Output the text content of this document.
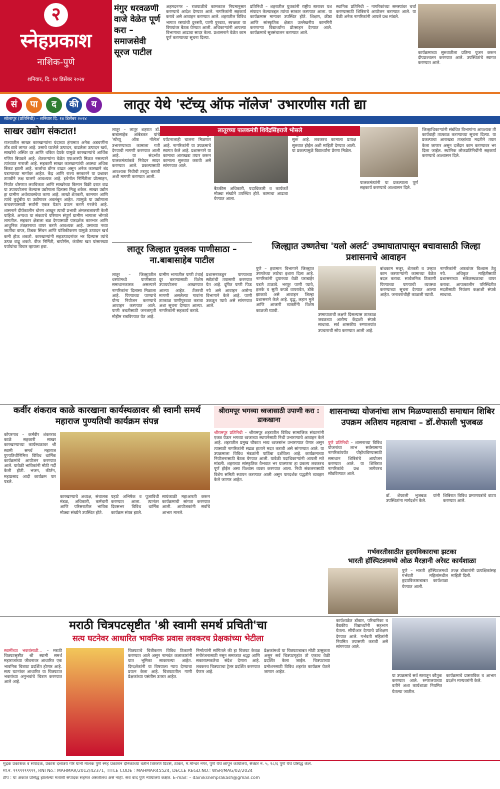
२
स्नेहप्रकाश
नाशिक-पुणे
शनिवार, दि. १४ डिसेंबर २०२४
मंगुर धरवळणी वाजे वेळेत पूर्ण करा – समाजसेवी सूरज पाटील
अहमदनगर – रात्रपाळीचे कामकाज नियमानुसार करण्याचे आदेश देण्यात आले. नागरिकांनी सहकार्य करावे असे आवाहन करण्यात आले. शहरातील विविध भागात रस्त्यांची दुरुस्ती, पाणी पुरवठा, स्वच्छता या विषयांवर बैठक घेण्यात आली. अधिकाऱ्यांनी आपल्या विभागाचा आढावा सादर केला. प्रशासनाने वेळेत काम पूर्ण करण्याच्या सूचना दिल्या.
प्रतिनिधी – शहरातील युवकांनी राष्ट्रीय स्तरावर यश संपादन केल्याबद्दल त्यांचा सत्कार करण्यात आला. या कार्यक्रमास मान्यवर उपस्थित होते. शिक्षण, क्रीडा आणि सांस्कृतिक क्षेत्रात उल्लेखनीय कामगिरी करणाऱ्या विद्यार्थ्यांना प्रोत्साहन देण्यात आले. कार्यक्रमाचे सूत्रसंचालन करण्यात आले.
स्थानिक प्रतिनिधी – नागरिकांच्या समस्यांवर चर्चा करण्यासाठी शिबिराचे आयोजन करण्यात आले. या वेळी अनेक नागरिकांनी आपले प्रश्न मांडले.
कार्यक्रमाच्या सुरुवातीला प्रतिमा पूजन करून दीपप्रज्वलन करण्यात आले. उपस्थितांचे स्वागत करण्यात आले.
सं	पा	द	की	य	लातूर येथे 'स्टॅच्यू ऑफ नॉलेज' उभारणीस गती द्या
सोलापूर (प्रतिनिधी) – शनिवार दि. १४ डिसेंबर २०२४
साखर उद्योग संकटात!
राज्यातील साखर कारखान्यांना यंदाच्या हंगामात अनेक अडचणींना तोंड द्यावे लागत आहे. उसाचे घटलेले उत्पादन, वाढलेला उत्पादन खर्च, साखरेचे अस्थिर दर आणि थकित देयके यामुळे कारखान्यांचे आर्थिक गणित बिघडले आहे. शेतकऱ्यांना वेळेत एफआरपी मिळत नसल्याने त्यांच्यात नाराजी आहे. सहकारी साखर कारखान्यांची अवस्था अधिक बिकट झाली आहे. कर्जाचा डोंगर वाढत असून अनेक कारखाने बंद पडण्याच्या मार्गावर आहेत. केंद्र आणि राज्य सरकारने या प्रश्नावर तातडीने लक्ष घालणे आवश्यक आहे. इथेनॉल निर्मितीला प्रोत्साहन, निर्यात धोरणात लवचिकता आणि साखरेच्या किमान विक्री दरात वाढ या उपाययोजना केल्यास उद्योगाला दिलासा मिळू शकेल. साखर उद्योग हा ग्रामीण अर्थव्यवस्थेचा कणा आहे. लाखो शेतकरी, कामगार आणि त्यांचे कुटुंबीय या उद्योगावर अवलंबून आहेत. त्यामुळे या उद्योगाला वाचवण्यासाठी सर्वांनी एकत्र येऊन प्रयत्न करणे गरजेचे आहे. शासनाने दीर्घकालीन धोरण आखून त्याची प्रभावी अंमलबजावणी केली पाहिजे. अन्यथा या संकटाचे परिणाम संपूर्ण ग्रामीण भागाला भोगावे लागतील. सहकार क्षेत्राला बळ देण्यासाठी पारदर्शक कारभार आणि आधुनिक तंत्रज्ञानाचा वापर करणे आवश्यक आहे. उसाच्या नव्या जातींचा वापर, ठिबक सिंचन आणि यांत्रिकीकरण यामुळे उत्पादन खर्च कमी होऊ शकतो. कारखान्यांनी सहउत्पादनांवर भर दिल्यास त्यांचे उत्पन्न वाढू शकते. वीज निर्मिती, बायोगॅस, कंपोस्ट खत यांसारख्या पर्यायांचा विचार व्हायला हवा.
लातूर – लातूर शहरात डॉ. बाबासाहेब आंबेडकर यांचे 'स्टॅच्यू ऑफ नॉलेज' उभारण्याच्या कामाला गती देण्याची मागणी करण्यात आली आहे. या संदर्भात पालकमंत्र्यांकडे निवेदन सादर करण्यात आले. प्रकल्पासाठी आवश्यक निधीची तरतूद करावी अशी मागणी करण्यात आली.
पर्यटनालाही चालना मिळणार आहे. नागरिकांनी या उपक्रमाचे स्वागत केले आहे. प्रशासनाने या कामाचा आराखडा तयार करून कामाला सुरुवात करावी असे सांगण्यात आले.
बैठकीस अधिकारी, पदाधिकारी व कार्यकर्ते मोठ्या संख्येने उपस्थित होते. कामाचा आढावा घेण्यात आला.
सुरू आहे. लवकरच कामाला प्रत्यक्ष सुरुवात होईल अशी माहिती देण्यात आली. या प्रकल्पामुळे विद्यार्थ्यांना प्रेरणा मिळेल.
पालकमंत्र्यांनी या प्रकल्पाला पूर्ण सहकार्य करण्याचे आश्वासन दिले.
जिल्हाधिकाऱ्यांनी संबंधित विभागांना आवश्यक ती कार्यवाही तात्काळ करण्याच्या सूचना दिल्या. या प्रकल्पाचा आराखडा तज्ज्ञांच्या मदतीने तयार केला जाणार असून दर्जेदार काम करण्यावर भर दिला जाईल. स्थानिक लोकप्रतिनिधींनी सहकार्य करण्याचे आश्वासन दिले.
लातूरच्या पालकमंत्री शिवेंद्रसिंहराजे भोसले
लातूर जिल्हात युवलक पाणीसाठा – ना.बाबासाहेब पाटील
लातूर – जिल्ह्यातील धरणांमध्ये पाणीसाठा समाधानकारक असल्याने नागरिकांना दिलासा मिळाला आहे. पिण्याच्या पाण्याचे योग्य नियोजन करण्याचे आवाहन करण्यात आले. पाणी बचतीसाठी जनजागृती मोहीम राबविण्यात येत आहे.
ग्रामीण भागातील पाणी टंचाई दूर करण्यासाठी विशेष उपाययोजना आखण्यात आल्या आहेत. टँकरची मागणी असलेल्या गावांना तात्काळ पाणीपुरवठा करावा अशा सूचना देण्यात आल्या. नागरिकांनी सहकार्य करावे.
प्रशासनाकडून पाण्याच्या स्त्रोतांची तपासणी करण्यात येत आहे. दूषित पाणी पिऊ नये असे आवाहन आरोग्य विभागाने केले आहे. पाणी उकळून प्यावे असे सांगण्यात आले.
जिल्ह्यात उष्णतेचा 'यलो अलर्ट' उष्माघातापासून बचावासाठी जिल्हा प्रशासनाचे आवाहन
पुणे – हवामान विभागाने जिल्ह्यात उष्णतेच्या लाटेचा इशारा दिला आहे. नागरिकांनी दुपारच्या वेळी घराबाहेर पडणे टाळावे. भरपूर पाणी प्यावे, हलके व सुती कपडे वापरावेत, डोके झाकावे असे आवाहन जिल्हा प्रशासनाने केले आहे. वृद्ध, लहान मुले आणि आजारी व्यक्तींनी विशेष काळजी घ्यावी.
उष्माघाताची लक्षणे दिसल्यास तात्काळ जवळच्या आरोग्य केंद्राशी संपर्क साधावा. सर्व शासकीय रुग्णालयांत उपचाराची सोय करण्यात आली आहे.
बांधकाम मजूर, शेतकरी व उन्हात काम करणाऱ्यांनी कामाच्या वेळेत बदल करावा. सार्वजनिक ठिकाणी पिण्याच्या पाण्याची व्यवस्था करण्याच्या सूचना देण्यात आल्या आहेत. जनावरांचीही काळजी घ्यावी.
नागरिकांनी अफवांवर विश्वास ठेवू नये. अधिकृत माहितीसाठी प्रशासनाच्या संकेतस्थळाचा वापर करावा. आपत्कालीन परिस्थितीत मदतीसाठी नियंत्रण कक्षाशी संपर्क साधावा.
कर्वीर शंकराव काळे कारखाना कार्यस्थळावर श्री स्वामी समर्थ महाराज पुण्यतिथी कार्यक्रम संपन्न
कोपरगाव – कर्मवीर शंकरराव काळे सहकारी साखर कारखान्याच्या कार्यस्थळावर श्री स्वामी समर्थ महाराज पुण्यतिथीनिमित्त विविध धार्मिक कार्यक्रमांचे आयोजन करण्यात आले. यावेळी भाविकांनी मोठी गर्दी केली होती. भजन, कीर्तन, महाप्रसाद आदी कार्यक्रम पार पडले.
कारखान्याचे अध्यक्ष, संचालक मंडळ, अधिकारी, कर्मचारी आणि परिसरातील भाविक मोठ्या संख्येने उपस्थित होते.
पहाटे अभिषेक व पूजाविधी करण्यात आला. त्यानंतर दिवसभर विविध धार्मिक कार्यक्रम संपन्न झाले.
सायंकाळी महाआरती करून कार्यक्रमाची सांगता करण्यात आली. आयोजकांनी सर्वांचे आभार मानले.
श्रीरामपूर भगव्या ध्वजासाठी उपाणी करा : डाकखाना
श्रीरामपूर प्रतिनिधी – श्रीरामपूर शहरातील विविध सामाजिक संघटनांनी एकत्र येऊन भगव्या ध्वजाच्या स्थापनेसाठी निधी उभारण्याचे आवाहन केले आहे. शहरातील प्रमुख चौकात भव्य ध्वजस्तंभ उभारण्यात येणार असून त्यासाठी नागरिकांनी सढळ हाताने मदत करावी असे सांगण्यात आले. या उपक्रमाला विविध मंडळांनी पाठिंबा दर्शविला आहे. कार्यक्रमाच्या नियोजनासाठी बैठक घेण्यात आली. यावेळी पदाधिकाऱ्यांनी आपली मते मांडली. शहराच्या सांस्कृतिक वैभवात भर घालणारा हा प्रकल्प लवकरच पूर्ण होईल असा विश्वास व्यक्त करण्यात आला. निधी संकलनासाठी विशेष समिती स्थापन करण्यात आली असून पारदर्शक पद्धतीने व्यवहार केले जाणार आहेत.
शासनाच्या योजनांचा लाभ मिळण्यासाठी समाधान शिबिर उपक्रम अतिशय महत्वाचा – डॉ.शेफाली भुजबळ
पुणे प्रतिनिधी – शासनाच्या विविध योजनांचा लाभ सर्वसामान्य नागरिकांपर्यंत पोहोचविण्यासाठी समाधान शिबिरांचे आयोजन करण्यात आले. या शिबिरात नागरिकांचे प्रश्न जागेवरच सोडविण्यात आले.
डॉ. शेफाली भुजबळ यांनी उपस्थितांना मार्गदर्शन केले.
शिबिरात विविध प्रमाणपत्रांचे वाटप करण्यात आले.
गर्भवरतीसाठीत हृदयविकाराचा झटका
भारती हॉस्पिटलमध्ये ओळ मैरज्ञानी अरेस्ट कार्यशाळा
पुणे – भारती हॉस्पिटलमध्ये गर्भवती महिलांमधील हृदयविकाराबाबत कार्यशाळा घेण्यात आली.
तज्ज्ञ डॉक्टरांनी प्रत्यक्षिकांसह माहिती दिली.
मराठी चित्रपटसृष्टीत 'श्री स्वामी समर्थ प्रचिती'चा
सत्य घटनेवर आधारित भावनिक प्रवास लवकरच प्रेक्षकांच्या भेटीला
स्वामींच्या भक्तांसाठी... – मराठी चित्रपटसृष्टीत श्री स्वामी समर्थ महाराजांच्या जीवनावर आधारित एक भावनिक चित्रपट प्रदर्शित होणार आहे. सत्य घटनांवर आधारित या चित्रपटात भक्तांच्या अनुभवांचे चित्रण करण्यात आले आहे.
चित्रपटाचे चित्रीकरण विविध ठिकाणी करण्यात आले असून नामवंत कलाकारांनी यात भूमिका साकारल्या आहेत. दिग्दर्शकांनी या विषयाला न्याय देण्याचा प्रयत्न केला आहे. चित्रपटातील गाणी प्रेक्षकांच्या पसंतीस उतरत आहेत.
निर्मात्यांनी सांगितले की हा चित्रपट केवळ मनोरंजनासाठी नसून समाजात श्रद्धा आणि सकारात्मकतेचा संदेश देणारा आहे. लवकरच चित्रपटाचा ट्रेलर प्रदर्शित करण्यात येणार आहे.
प्रेक्षकांमध्ये या चित्रपटाबाबत मोठी उत्सुकता असून सर्व चित्रपटगृहांत तो एकाच वेळी प्रदर्शित केला जाईल. चित्रपटाच्या प्रमोशनसाठी विविध शहरांत कार्यक्रम घेतले जाणार आहेत.
कार्यशाळेत डॉक्टर, परिचारिका व वैद्यकीय विद्यार्थ्यांनी सहभाग घेतला. सीपीआर देण्याचे प्रशिक्षण देण्यात आले. गर्भवती महिलांनी नियमित तपासणी करावी असे सांगण्यात आले.
या उपक्रमाचे सर्व स्तरातून कौतुक करण्यात आले. रुग्णालयाच्या वतीने अशा कार्यशाळा नियमित घेतल्या जातील.
कार्यक्रमाचे प्रास्ताविक व आभार प्रदर्शन मान्यवरांनी केले.
मुद्रक प्रकाशक व संपादक, प्रकाश दत्तात्रय गोरे यांनी मालक पुणे स्नेह प्रकाशन दैनिकाच्या वतीने त्रिशरण प्रिंटर्स, ठाकर, म.मोन्डर नगर, पुणे येथे छापून कार्यालय, सेक्टर नं. ५, १८/६ पुणे येथे प्रसिद्ध केले.
मो.नं. ९९९९९९९९९९, RNI No.: MAHMAR/2012/42371, TITLE CODE : MAHMAR45524, DECLE REGD.NO.: WSR/MAG/02/2024
टीप : या अंकात प्रसिद्ध झालेल्या मतांशी संपादक सहमत असतीलच असे नाही. सर्व वाद पुणे न्यायालय कक्षेत. E-mail: – dainiksnehprakash@gmail.com
